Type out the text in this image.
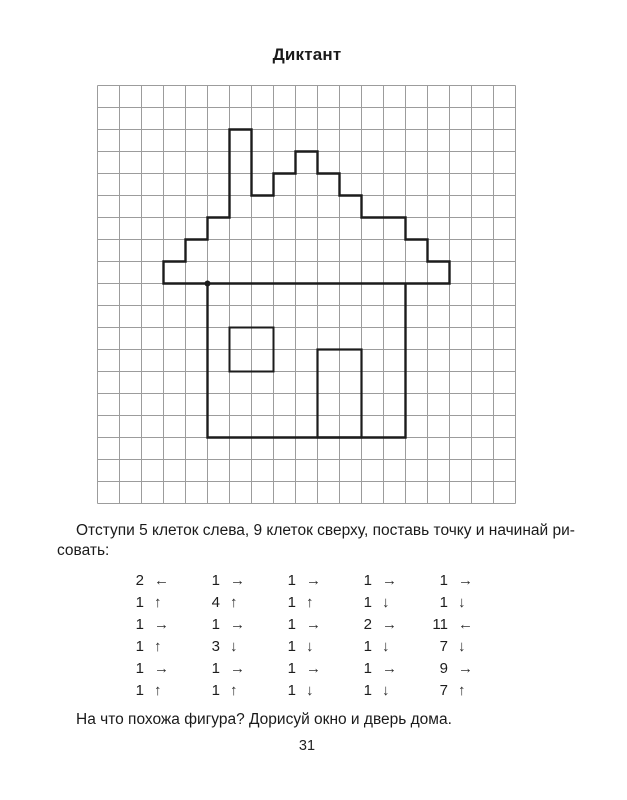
Диктант
Отступи 5 клеток слева, 9 клеток сверху, поставь точку и начинай ри-
совать:
2 ←
1 ↑
1 →
1 ↑
1 →
1 ↑
1 →
4 ↑
1 →
3 ↓
1 →
1 ↑
1 →
1 ↑
1 →
1 ↓
1 →
1 ↓
1 →
1 ↓
2 →
1 ↓
1 →
1 ↓
1 →
1 ↓
11 ←
7 ↓
9 →
7 ↑
На что похожа фигура? Дорисуй окно и дверь дома.
31
